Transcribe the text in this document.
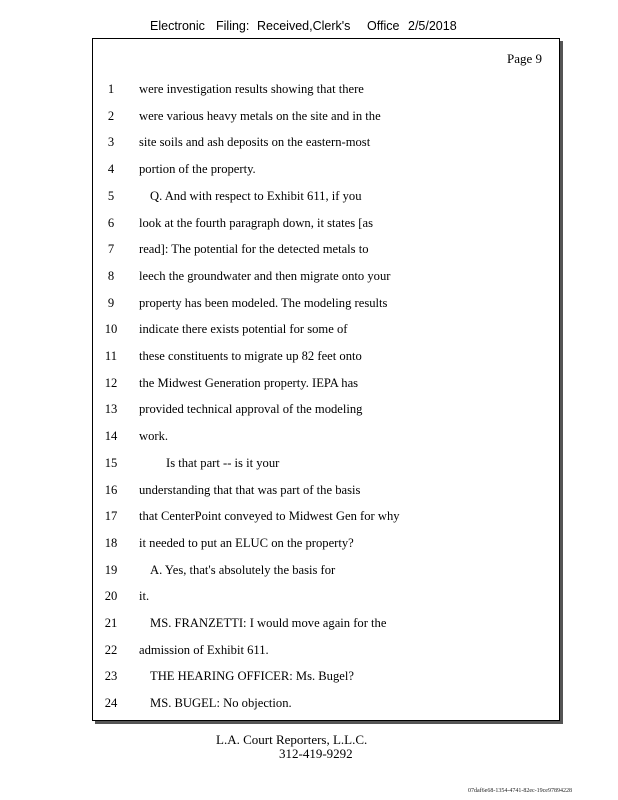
Electronic Filing: Received,Clerk's Office 2/5/2018
Page 9
1	were investigation results showing that there
2	were various heavy metals on the site and in the
3	site soils and ash deposits on the eastern-most
4	portion of the property.
5	Q. And with respect to Exhibit 611, if you
6	look at the fourth paragraph down, it states [as
7	read]: The potential for the detected metals to
8	leech the groundwater and then migrate onto your
9	property has been modeled. The modeling results
10	indicate there exists potential for some of
11	these constituents to migrate up 82 feet onto
12	the Midwest Generation property. IEPA has
13	provided technical approval of the modeling
14	work.
15	Is that part -- is it your
16	understanding that that was part of the basis
17	that CenterPoint conveyed to Midwest Gen for why
18	it needed to put an ELUC on the property?
19	A. Yes, that's absolutely the basis for
20	it.
21	MS. FRANZETTI: I would move again for the
22	admission of Exhibit 611.
23	THE HEARING OFFICER: Ms. Bugel?
24	MS. BUGEL: No objection.
L.A. Court Reporters, L.L.C.
312-419-9292
07daf6e68-1354-4741-82ec-19ce97894228
